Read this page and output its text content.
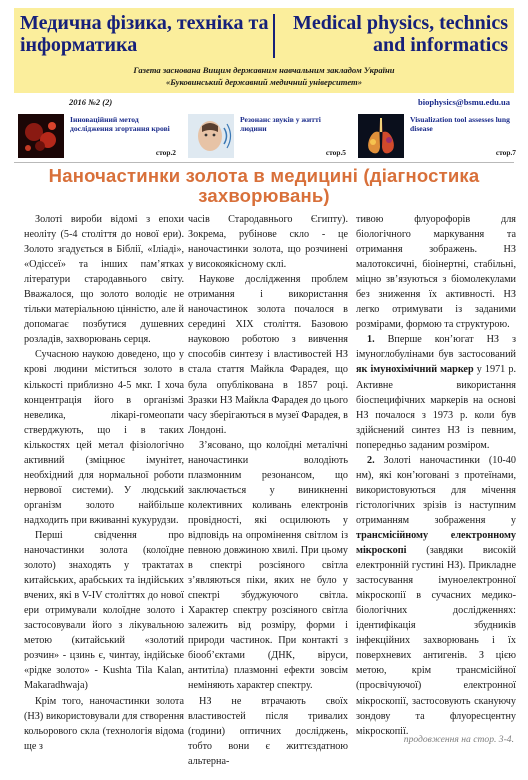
Медична фізика, техніка та інформатика
Medical physics, technics and informatics
Газета заснована Вищим державним навчальним закладом України
«Буковинський державний медичний університет»
2016 №2 (2)	biophysics@bsmu.edu.ua
Інноваційний метод дослідження згортання крові
стор.2
Резонанс звуків у житті людини
стор.5
Visualization tool assesses lung disease
стор.7
Наночастинки золота в медицині (діагностика захворювань)

Золоті вироби відомі з епохи неоліту (5-4 століття до нової ери). Золото згадується в Біблії, «Іліаді», «Одіссеї» та інших пам’ятках літератури стародавнього світу. Вважалося, що золото володіє не тільки матеріальною цінністю, але й допомагає позбутися душевних розладів, захворювань серця.

Сучасною наукою доведено, що у крові людини міститься золото в кількості приблизно 4-5 мкг. І хоча концентрація його в організмі невелика, лікарі-гомеопати стверджують, що і в таких кількостях цей метал фізіологічно активний (зміцнює імунітет, необхідний для нормальної роботи нервової системи). У людський організм золото найбільше надходить при вживанні кукурудзи.

Перші свідчення про наночастинки золота (колоїдне золото) знаходять у трактатах китайських, арабських та індійських вчених, які в V-IV століттях до нової ери отримували колоїдне золото і застосовували його з лікувальною метою (китайський «золотий розчин» - цзинь є, чинтау, індійське «рідке золото» - Kushta Tila Kalan, Makaradhwaja)

Крім того, наночастинки золота (НЗ) використовували для створення кольорового скла (технологія відома ще з

часів Стародавнього Єгипту). Зокрема, рубінове скло - це наночастинки золота, що розчинені у високоякісному склі.

Наукове дослідження проблем отримання і використання наночастинок золота почалося в середині XIX століття. Базовою науковою роботою з вивчення способів синтезу і властивостей НЗ стала стаття Майкла Фарадея, що була опублікована в 1857 році. Зразки НЗ Майкла Фарадея до цього часу зберігаються в музеї Фарадея, в Лондоні.

З’ясовано, що колоїдні металічні наночастинки володіють плазмонним резонансом, що заключається у виникненні колективних коливань електронів провідності, які осцилюють у відповідь на опромінення світлом із певною довжиною хвилі. При цьому в спектрі розсіяного світла з’являються піки, яких не було у спектрі збуджуючого світла. Характер спектру розсіяного світла залежить від розміру, форми і природи частинок. При контакті з біооб’єктами (ДНК, віруси, антитіла) плазмонні ефекти зовсім неміняють характер спектру.

НЗ не втрачають своїх властивостей після тривалих (години) оптичних досліджень, тобто вони є життєздатною альтерна-

тивою флуорофорів для біологічного маркування та отримання зображень. НЗ малотоксичні, біоінертні, стабільні, міцно зв’язуються з біомолекулами без зниження їх активності. НЗ легко отримувати із заданими розмірами, формою та структурою.

1. Вперше кон’югат НЗ з імуноглобулінами був застосований як імунохімічний маркер у 1971 р. Активне використання біоспецифічних маркерів на основі НЗ почалося з 1973 р. коли був здійснений синтез НЗ із певним, попередньо заданим розміром.

2. Золоті наночастинки (10-40 нм), які кон’юговані з протеїнами, використовуються для мічення гістологічних зрізів із наступним отриманням зображення у трансмісійному електронному мікроскопі (завдяки високій електронній густині НЗ). Прикладне застосування імуноелектронної мікроскопії в сучасних медико-біологічних дослідженнях: ідентифікація збудників інфекційних захворювань і їх поверхневих антигенів. З цією метою, крім трансмісійної (просвічуючої) електронної мікроскопії, застосовують скануючу зондову та флуоресцентну мікроскопії.

продовження на стор. 3-4.
